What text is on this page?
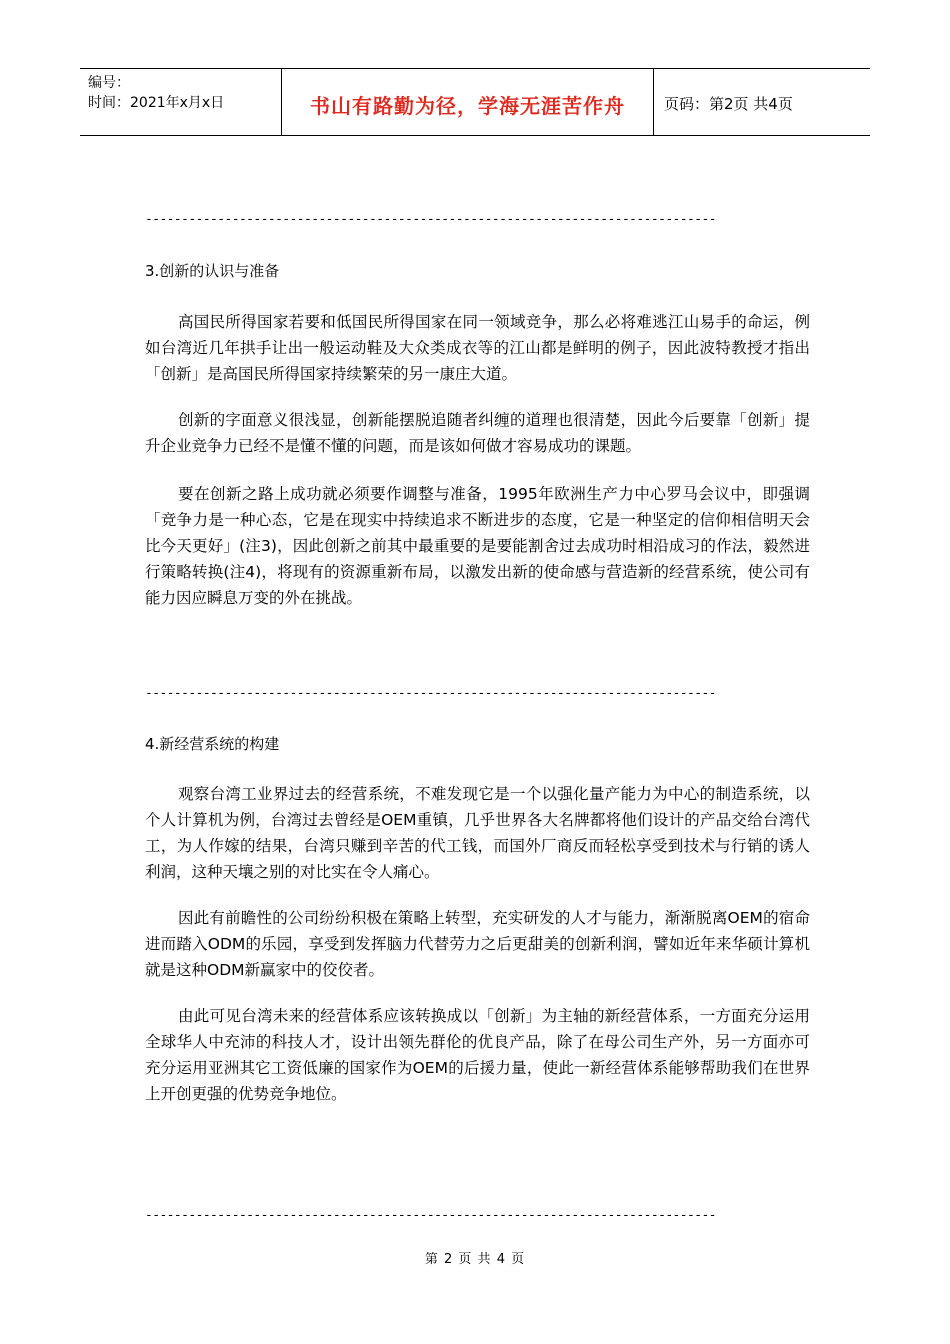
编号：
时间：2021年x月x日	书山有路勤为径，学海无涯苦作舟	页码：第2页 共4页
-------------------------------------------------------------------------------
3.创新的认识与准备
高国民所得国家若要和低国民所得国家在同一领域竞争，那么必将难逃江山易手的命运，例如台湾近几年拱手让出一般运动鞋及大众类成衣等的江山都是鲜明的例子，因此波特教授才指出「创新」是高国民所得国家持续繁荣的另一康庄大道。
创新的字面意义很浅显，创新能摆脱追随者纠缠的道理也很清楚，因此今后要靠「创新」提升企业竞争力已经不是懂不懂的问题，而是该如何做才容易成功的课题。
要在创新之路上成功就必须要作调整与准备，1995年欧洲生产力中心罗马会议中，即强调「竞争力是一种心态，它是在现实中持续追求不断进步的态度，它是一种坚定的信仰相信明天会比今天更好」(注3)，因此创新之前其中最重要的是要能割舍过去成功时相沿成习的作法，毅然进行策略转换(注4)，将现有的资源重新布局，以激发出新的使命感与营造新的经营系统，使公司有能力因应瞬息万变的外在挑战。
-------------------------------------------------------------------------------
4.新经营系统的构建
观察台湾工业界过去的经营系统，不难发现它是一个以强化量产能力为中心的制造系统，以个人计算机为例，台湾过去曾经是OEM重镇，几乎世界各大名牌都将他们设计的产品交给台湾代工，为人作嫁的结果，台湾只赚到辛苦的代工钱，而国外厂商反而轻松享受到技术与行销的诱人利润，这种天壤之别的对比实在令人痛心。
因此有前瞻性的公司纷纷积极在策略上转型，充实研发的人才与能力，渐渐脱离OEM的宿命进而踏入ODM的乐园，享受到发挥脑力代替劳力之后更甜美的创新利润，譬如近年来华硕计算机就是这种ODM新赢家中的佼佼者。
由此可见台湾未来的经营体系应该转换成以「创新」为主轴的新经营体系，一方面充分运用全球华人中充沛的科技人才，设计出领先群伦的优良产品，除了在母公司生产外，另一方面亦可充分运用亚洲其它工资低廉的国家作为OEM的后援力量，使此一新经营体系能够帮助我们在世界上开创更强的优势竞争地位。
-------------------------------------------------------------------------------
第 2 页 共 4 页
